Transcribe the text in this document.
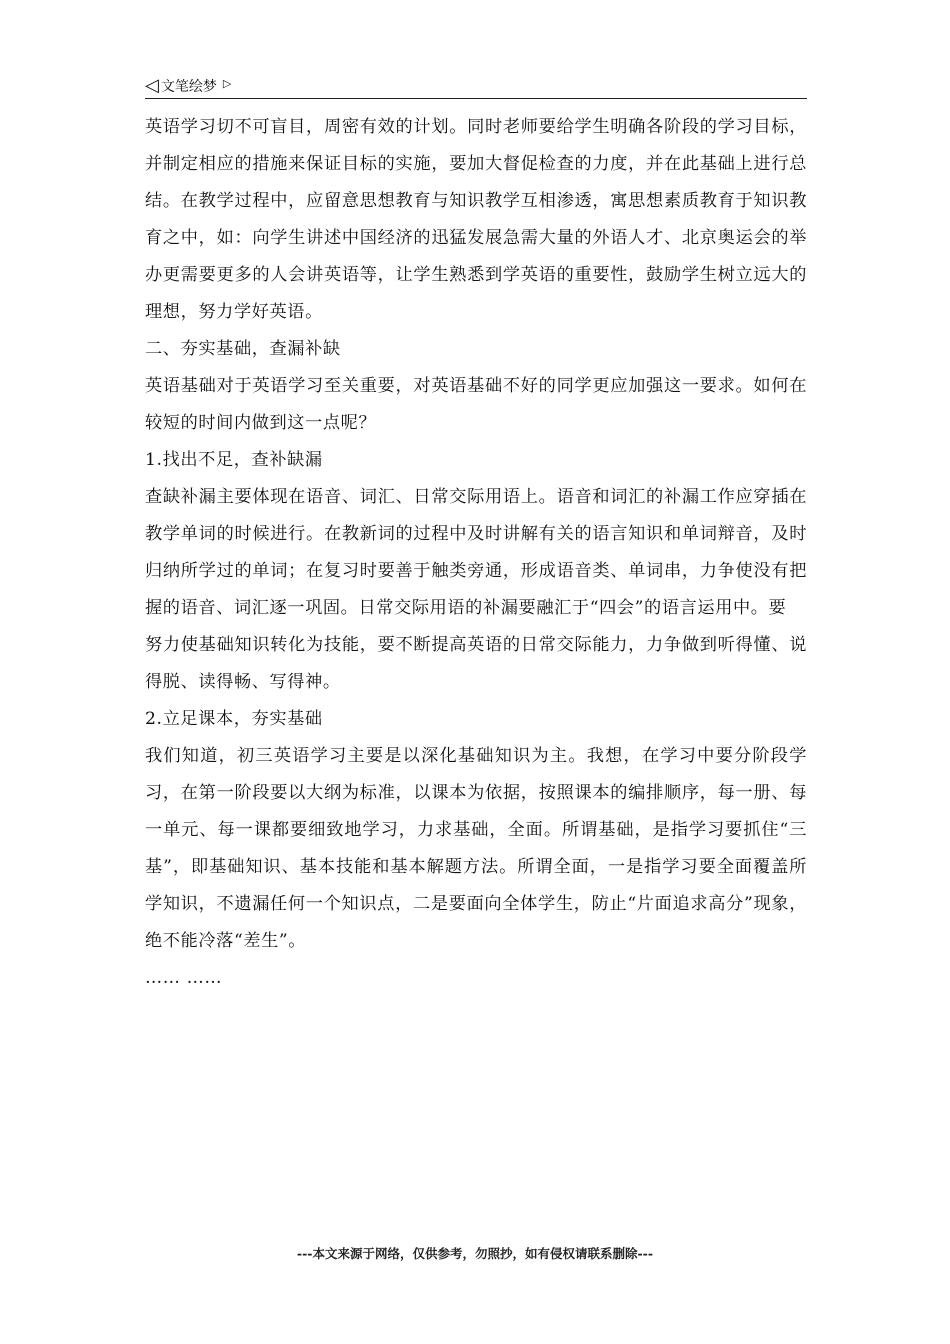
◁ 文笔绘梦 ▷

英语学习切不可盲目，周密有效的计划。同时老师要给学生明确各阶段的学习目标，并制定相应的措施来保证目标的实施，要加大督促检查的力度，并在此基础上进行总结。在教学过程中，应留意思想教育与知识教学互相渗透，寓思想素质教育于知识教育之中，如：向学生讲述中国经济的迅猛发展急需大量的外语人才、北京奥运会的举办更需要更多的人会讲英语等，让学生熟悉到学英语的重要性，鼓励学生树立远大的理想，努力学好英语。

二、夯实基础，查漏补缺

英语基础对于英语学习至关重要，对英语基础不好的同学更应加强这一要求。如何在较短的时间内做到这一点呢？

1.找出不足，查补缺漏

查缺补漏主要体现在语音、词汇、日常交际用语上。语音和词汇的补漏工作应穿插在教学单词的时候进行。在教新词的过程中及时讲解有关的语言知识和单词辩音，及时归纳所学过的单词；在复习时要善于触类旁通，形成语音类、单词串，力争使没有把握的语音、词汇逐一巩固。日常交际用语的补漏要融汇于“四会”的语言运用中。要

努力使基础知识转化为技能，要不断提高英语的日常交际能力，力争做到听得懂、说得脱、读得畅、写得神。

2.立足课本，夯实基础

我们知道，初三英语学习主要是以深化基础知识为主。我想，在学习中要分阶段学习，在第一阶段要以大纲为标准，以课本为依据，按照课本的编排顺序，每一册、每一单元、每一课都要细致地学习，力求基础，全面。所谓基础，是指学习要抓住“三基”，即基础知识、基本技能和基本解题方法。所谓全面，一是指学习要全面覆盖所学知识，不遗漏任何一个知识点，二是要面向全体学生，防止“片面追求高分”现象，绝不能冷落“差生”。

…… ……

---本文来源于网络，仅供参考，勿照抄，如有侵权请联系删除---
